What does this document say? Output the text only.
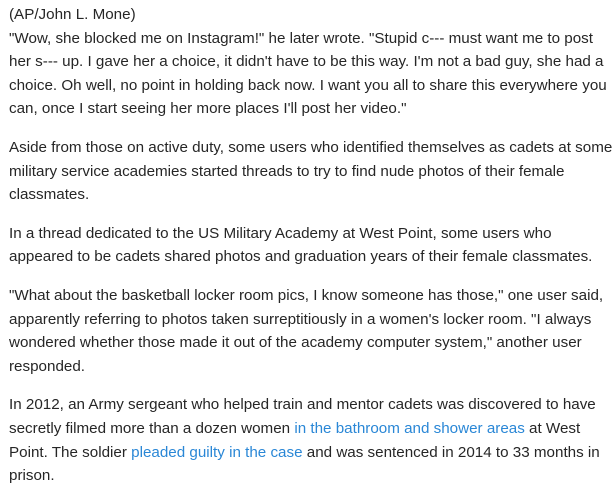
(AP/John L. Mone)

"Wow, she blocked me on Instagram!" he later wrote. "Stupid c--- must want me to post her s--- up. I gave her a choice, it didn't have to be this way. I'm not a bad guy, she had a choice. Oh well, no point in holding back now. I want you all to share this everywhere you can, once I start seeing her more places I'll post her video."

Aside from those on active duty, some users who identified themselves as cadets at some military service academies started threads to try to find nude photos of their female classmates.

In a thread dedicated to the US Military Academy at West Point, some users who appeared to be cadets shared photos and graduation years of their female classmates.

"What about the basketball locker room pics, I know someone has those," one user said, apparently referring to photos taken surreptitiously in a women's locker room. "I always wondered whether those made it out of the academy computer system," another user responded.

In 2012, an Army sergeant who helped train and mentor cadets was discovered to have secretly filmed more than a dozen women in the bathroom and shower areas at West Point. The soldier pleaded guilty in the case and was sentenced in 2014 to 33 months in prison.
